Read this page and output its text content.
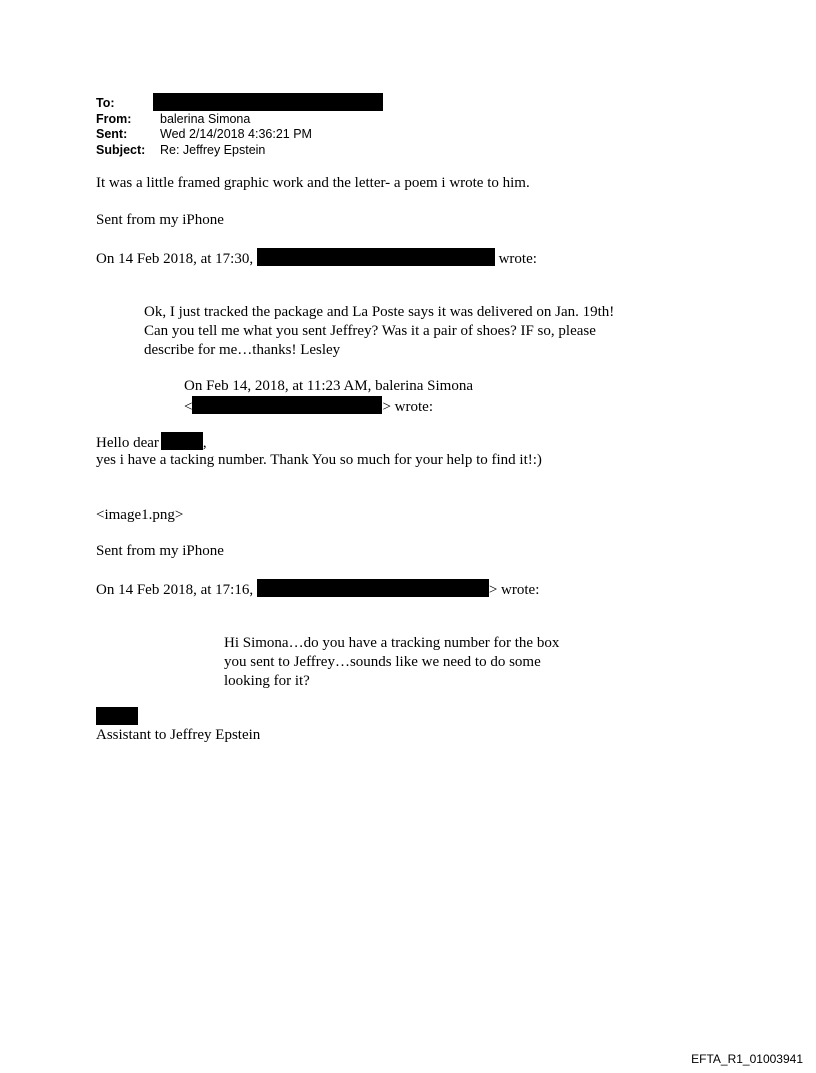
To:
From: balerina Simona
Sent:	Wed 2/14/2018 4:36:21 PM
Subject: Re: Jeffrey Epstein
It was a little framed graphic work and the letter- a poem i wrote to him.
Sent from my iPhone
On 14 Feb 2018, at 17:30,	wrote:
Ok, I just tracked the package and La Poste says it was delivered on Jan. 19th!
Can you tell me what you sent Jeffrey? Was it a pair of shoes? IF so, please
describe for me…thanks! Lesley
On Feb 14, 2018, at 11:23 AM, balerina Simona
<	> wrote:
Hello dear	,
yes i have a tacking number. Thank You so much for your help to find it!:)
<image1.png>
Sent from my iPhone
On 14 Feb 2018, at 17:16,	> wrote:
Hi Simona…do you have a tracking number for the box
you sent to Jeffrey…sounds like we need to do some
looking for it?
Assistant to Jeffrey Epstein
EFTA_R1_01003941
